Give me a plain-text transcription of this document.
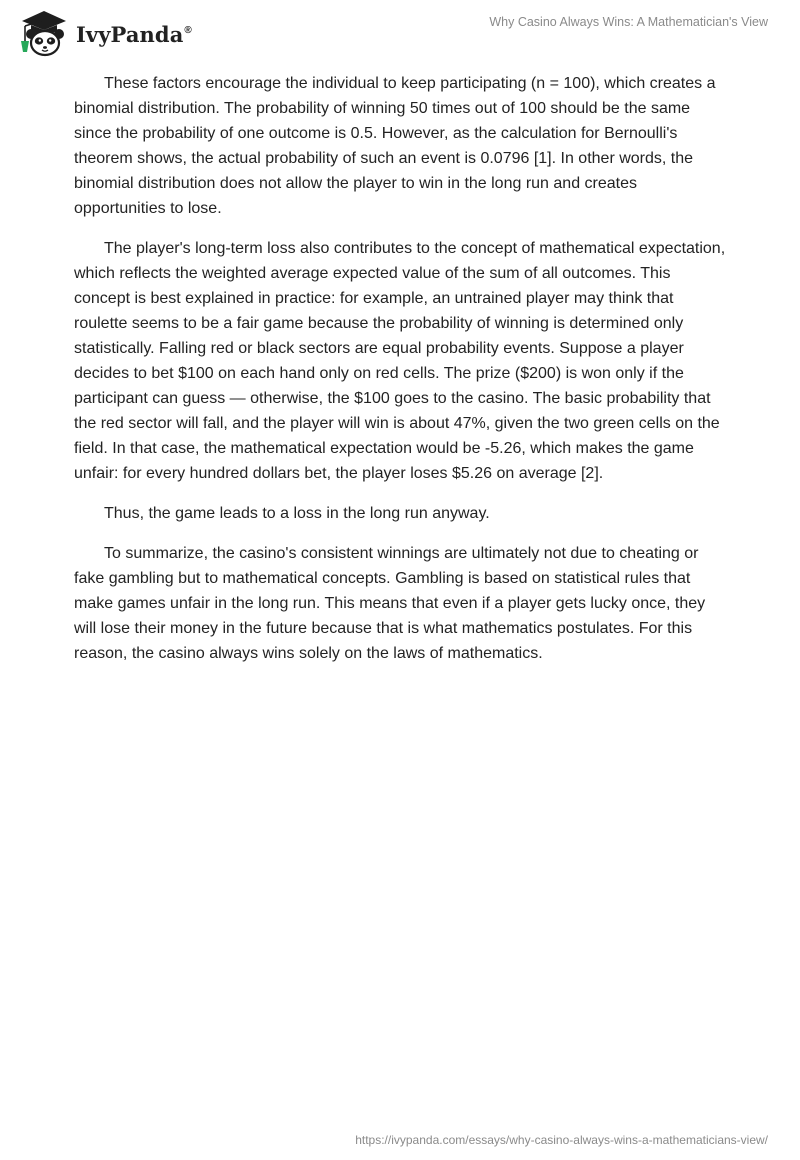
IvyPanda®
Why Casino Always Wins: A Mathematician's View

These factors encourage the individual to keep participating (n = 100), which creates a binomial distribution. The probability of winning 50 times out of 100 should be the same since the probability of one outcome is 0.5. However, as the calculation for Bernoulli's theorem shows, the actual probability of such an event is 0.0796 [1]. In other words, the binomial distribution does not allow the player to win in the long run and creates opportunities to lose.

The player's long-term loss also contributes to the concept of mathematical expectation, which reflects the weighted average expected value of the sum of all outcomes. This concept is best explained in practice: for example, an untrained player may think that roulette seems to be a fair game because the probability of winning is determined only statistically. Falling red or black sectors are equal probability events. Suppose a player decides to bet $100 on each hand only on red cells. The prize ($200) is won only if the participant can guess — otherwise, the $100 goes to the casino. The basic probability that the red sector will fall, and the player will win is about 47%, given the two green cells on the field. In that case, the mathematical expectation would be -5.26, which makes the game unfair: for every hundred dollars bet, the player loses $5.26 on average [2].

Thus, the game leads to a loss in the long run anyway.

To summarize, the casino's consistent winnings are ultimately not due to cheating or fake gambling but to mathematical concepts. Gambling is based on statistical rules that make games unfair in the long run. This means that even if a player gets lucky once, they will lose their money in the future because that is what mathematics postulates. For this reason, the casino always wins solely on the laws of mathematics.

https://ivypanda.com/essays/why-casino-always-wins-a-mathematicians-view/
